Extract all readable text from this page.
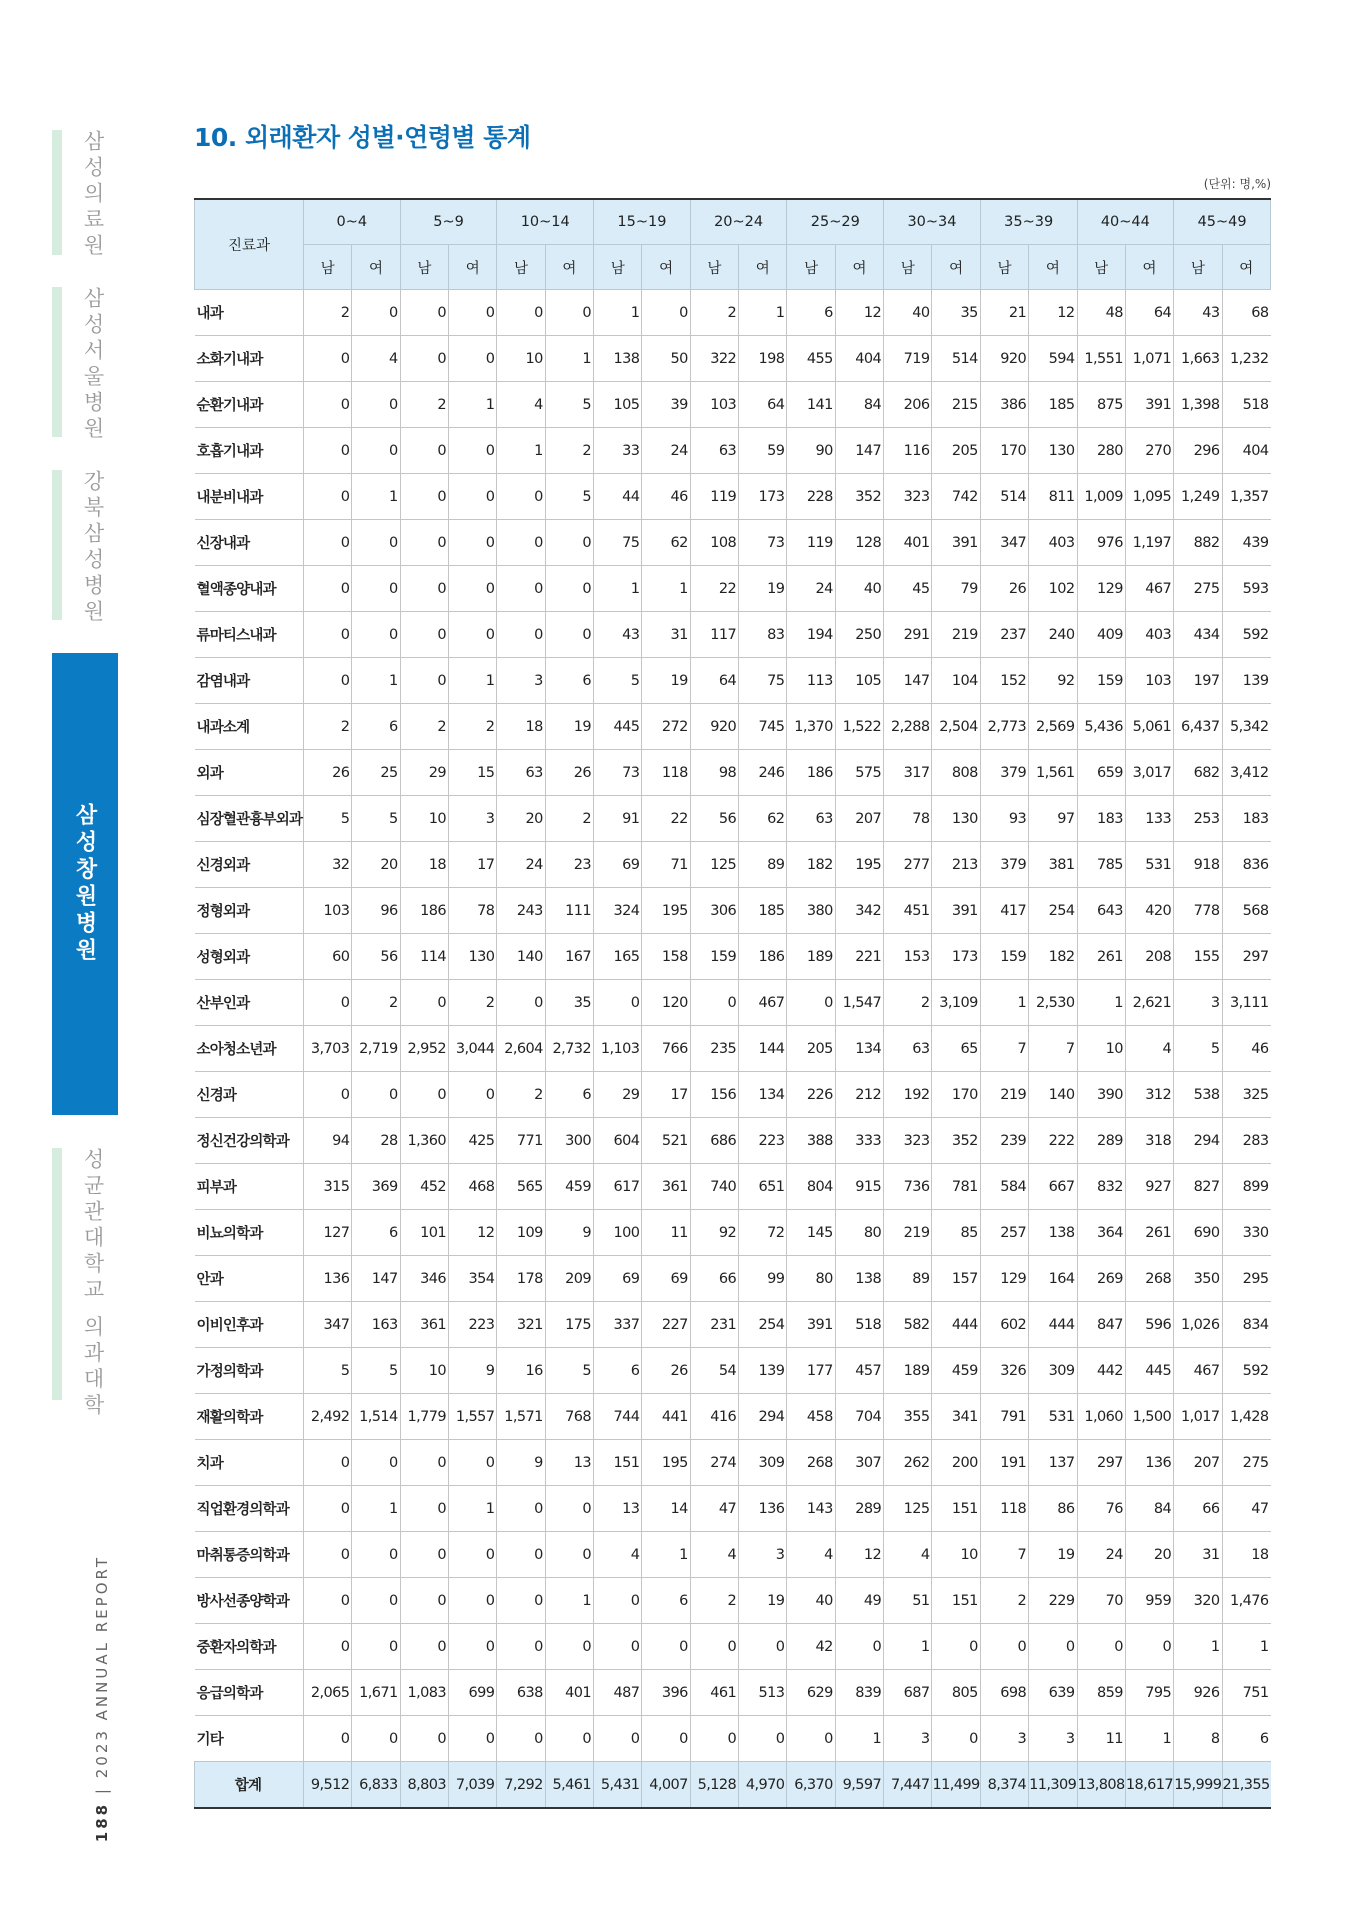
삼성의료원
삼성서울병원
강북삼성병원
삼성창원병원
성균관대학교 의과대학
188 | 2023 ANNUAL REPORT
10. 외래환자 성별·연령별 통계
(단위: 명,%)
진료과	0~4		5~9		10~14		15~19		20~24		25~29		30~34		35~39		40~44		45~49	
	남	여	남	여	남	여	남	여	남	여	남	여	남	여	남	여	남	여	남	여
내과	2	0	0	0	0	0	1	0	2	1	6	12	40	35	21	12	48	64	43	68
소화기내과	0	4	0	0	10	1	138	50	322	198	455	404	719	514	920	594	1,551	1,071	1,663	1,232
순환기내과	0	0	2	1	4	5	105	39	103	64	141	84	206	215	386	185	875	391	1,398	518
호흡기내과	0	0	0	0	1	2	33	24	63	59	90	147	116	205	170	130	280	270	296	404
내분비내과	0	1	0	0	0	5	44	46	119	173	228	352	323	742	514	811	1,009	1,095	1,249	1,357
신장내과	0	0	0	0	0	0	75	62	108	73	119	128	401	391	347	403	976	1,197	882	439
혈액종양내과	0	0	0	0	0	0	1	1	22	19	24	40	45	79	26	102	129	467	275	593
류마티스내과	0	0	0	0	0	0	43	31	117	83	194	250	291	219	237	240	409	403	434	592
감염내과	0	1	0	1	3	6	5	19	64	75	113	105	147	104	152	92	159	103	197	139
내과소계	2	6	2	2	18	19	445	272	920	745	1,370	1,522	2,288	2,504	2,773	2,569	5,436	5,061	6,437	5,342
외과	26	25	29	15	63	26	73	118	98	246	186	575	317	808	379	1,561	659	3,017	682	3,412
심장혈관흉부외과	5	5	10	3	20	2	91	22	56	62	63	207	78	130	93	97	183	133	253	183
신경외과	32	20	18	17	24	23	69	71	125	89	182	195	277	213	379	381	785	531	918	836
정형외과	103	96	186	78	243	111	324	195	306	185	380	342	451	391	417	254	643	420	778	568
성형외과	60	56	114	130	140	167	165	158	159	186	189	221	153	173	159	182	261	208	155	297
산부인과	0	2	0	2	0	35	0	120	0	467	0	1,547	2	3,109	1	2,530	1	2,621	3	3,111
소아청소년과	3,703	2,719	2,952	3,044	2,604	2,732	1,103	766	235	144	205	134	63	65	7	7	10	4	5	46
신경과	0	0	0	0	2	6	29	17	156	134	226	212	192	170	219	140	390	312	538	325
정신건강의학과	94	28	1,360	425	771	300	604	521	686	223	388	333	323	352	239	222	289	318	294	283
피부과	315	369	452	468	565	459	617	361	740	651	804	915	736	781	584	667	832	927	827	899
비뇨의학과	127	6	101	12	109	9	100	11	92	72	145	80	219	85	257	138	364	261	690	330
안과	136	147	346	354	178	209	69	69	66	99	80	138	89	157	129	164	269	268	350	295
이비인후과	347	163	361	223	321	175	337	227	231	254	391	518	582	444	602	444	847	596	1,026	834
가정의학과	5	5	10	9	16	5	6	26	54	139	177	457	189	459	326	309	442	445	467	592
재활의학과	2,492	1,514	1,779	1,557	1,571	768	744	441	416	294	458	704	355	341	791	531	1,060	1,500	1,017	1,428
치과	0	0	0	0	9	13	151	195	274	309	268	307	262	200	191	137	297	136	207	275
직업환경의학과	0	1	0	1	0	0	13	14	47	136	143	289	125	151	118	86	76	84	66	47
마취통증의학과	0	0	0	0	0	0	4	1	4	3	4	12	4	10	7	19	24	20	31	18
방사선종양학과	0	0	0	0	0	1	0	6	2	19	40	49	51	151	2	229	70	959	320	1,476
중환자의학과	0	0	0	0	0	0	0	0	0	0	42	0	1	0	0	0	0	0	1	1
응급의학과	2,065	1,671	1,083	699	638	401	487	396	461	513	629	839	687	805	698	639	859	795	926	751
기타	0	0	0	0	0	0	0	0	0	0	0	1	3	0	3	3	11	1	8	6
합계	9,512	6,833	8,803	7,039	7,292	5,461	5,431	4,007	5,128	4,970	6,370	9,597	7,447	11,499	8,374	11,309	13,808	18,617	15,999	21,355
